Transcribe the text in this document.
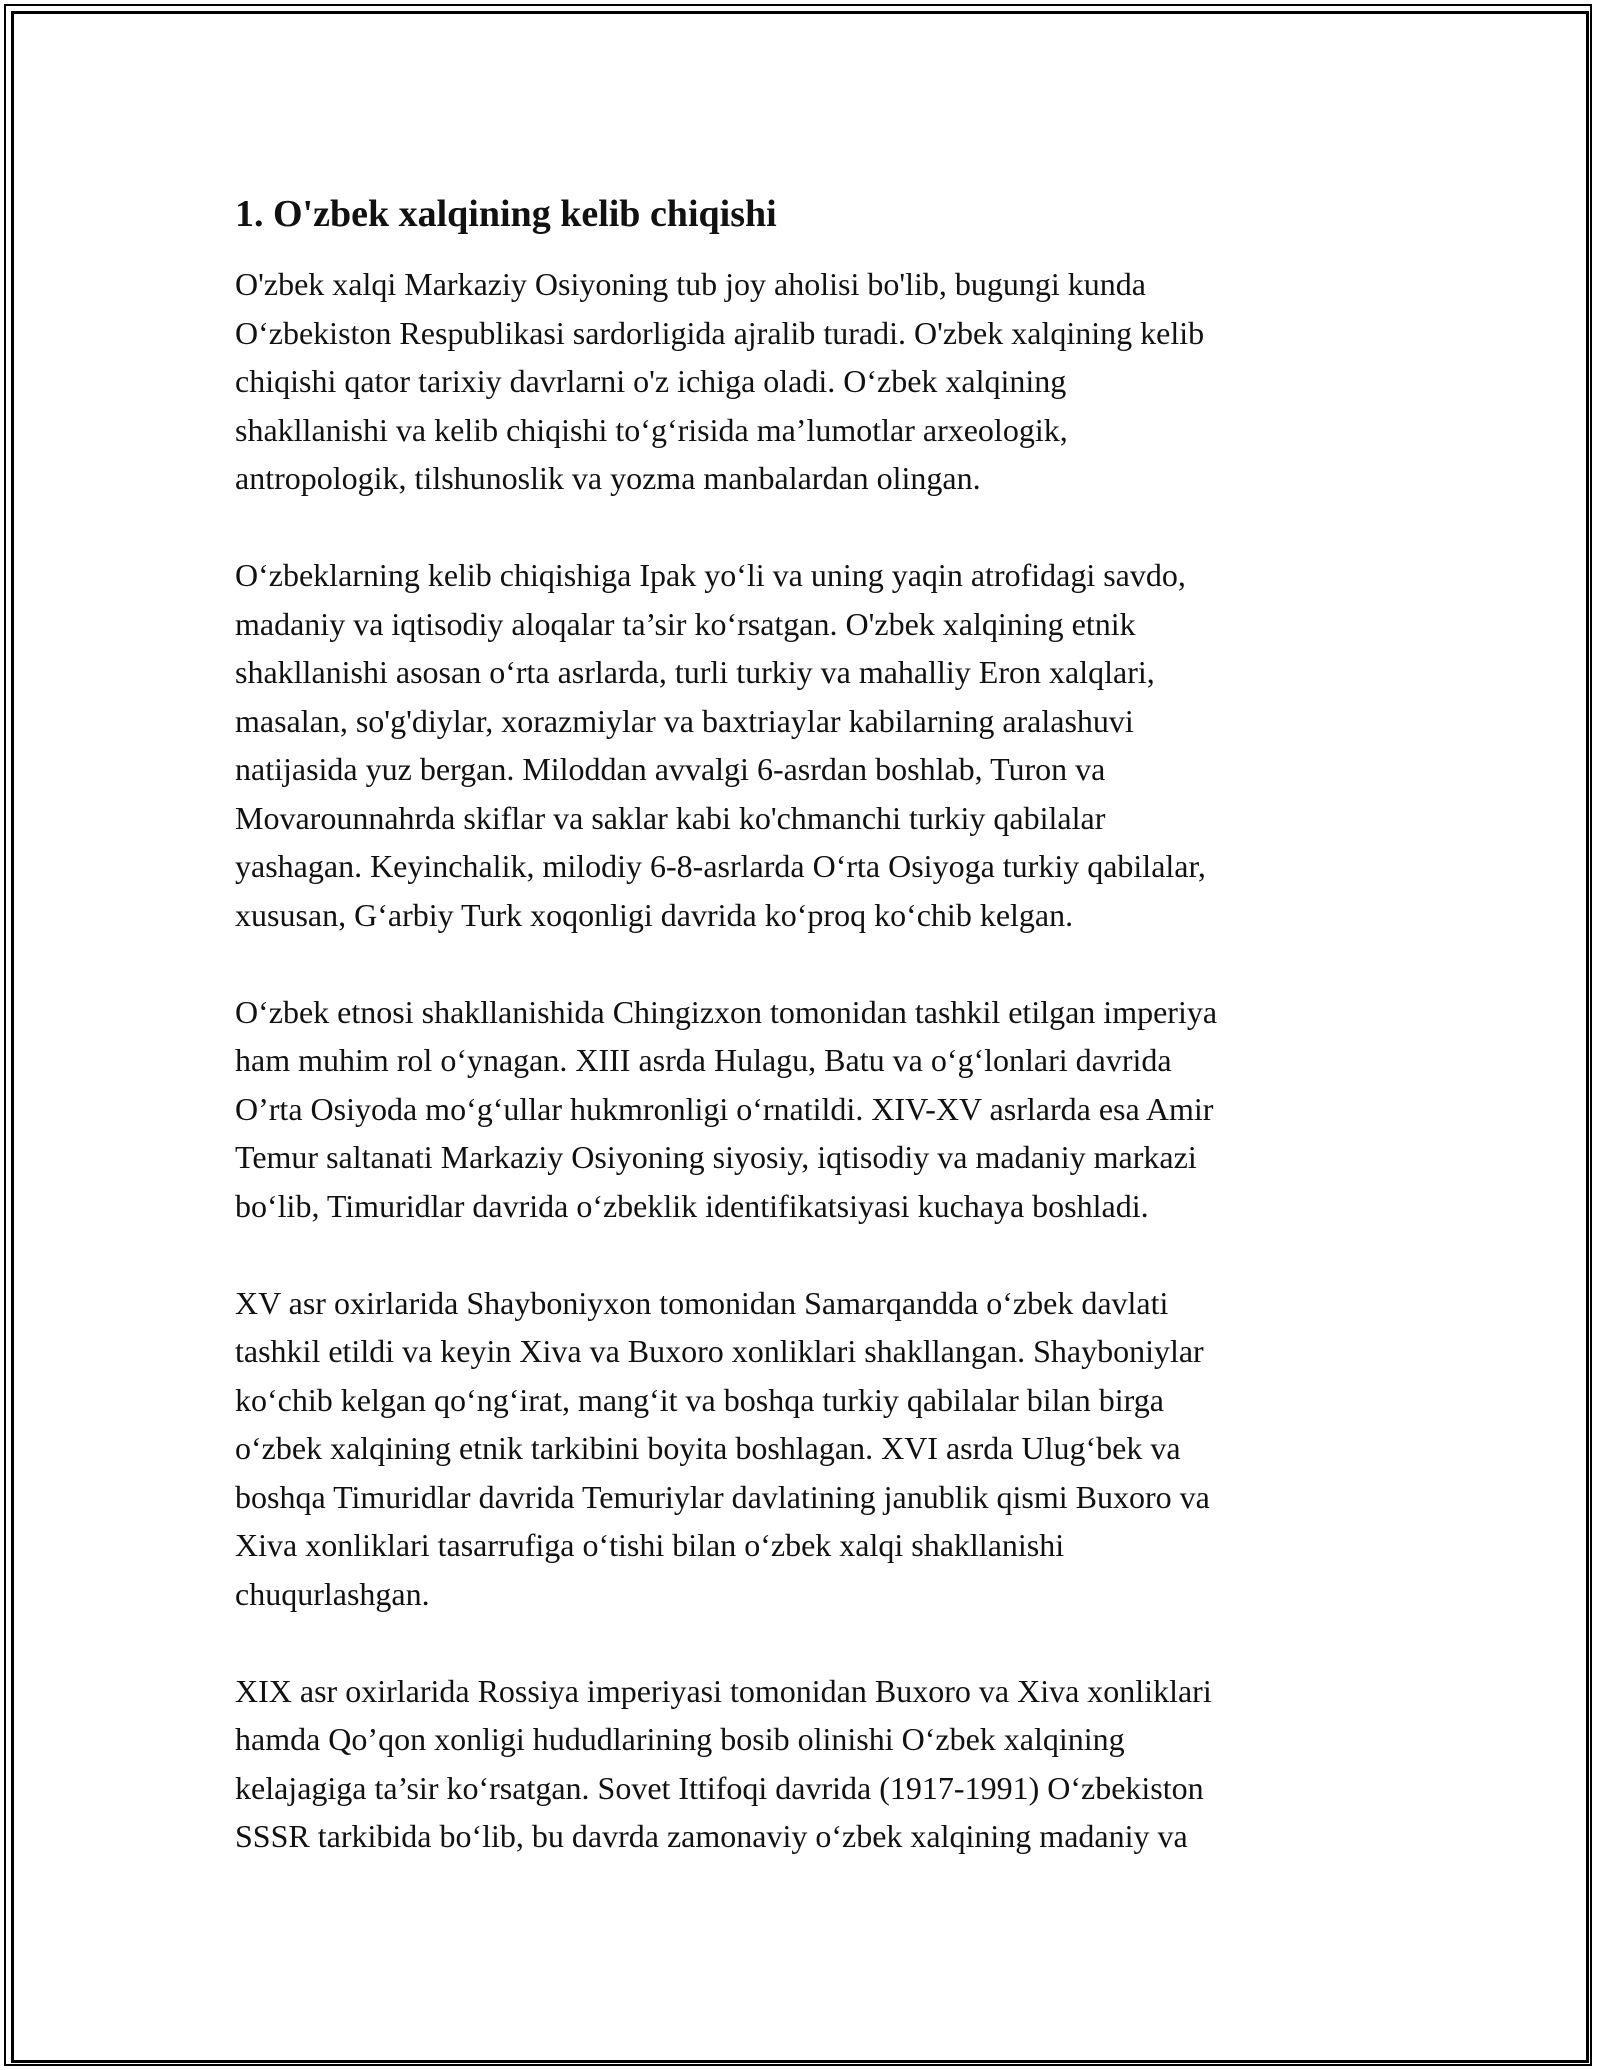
1. O'zbek xalqining kelib chiqishi

O'zbek xalqi Markaziy Osiyoning tub joy aholisi bo'lib, bugungi kunda
O‘zbekiston Respublikasi sardorligida ajralib turadi. O'zbek xalqining kelib
chiqishi qator tarixiy davrlarni o'z ichiga oladi. O‘zbek xalqining
shakllanishi va kelib chiqishi to‘g‘risida ma’lumotlar arxeologik,
antropologik, tilshunoslik va yozma manbalardan olingan.

O‘zbeklarning kelib chiqishiga Ipak yo‘li va uning yaqin atrofidagi savdo,
madaniy va iqtisodiy aloqalar ta’sir ko‘rsatgan. O'zbek xalqining etnik
shakllanishi asosan o‘rta asrlarda, turli turkiy va mahalliy Eron xalqlari,
masalan, so'g'diylar, xorazmiylar va baxtriaylar kabilarning aralashuvi
natijasida yuz bergan. Miloddan avvalgi 6-asrdan boshlab, Turon va
Movarounnahrda skiflar va saklar kabi ko'chmanchi turkiy qabilalar
yashagan. Keyinchalik, milodiy 6-8-asrlarda O‘rta Osiyoga turkiy qabilalar,
xususan, G‘arbiy Turk xoqonligi davrida ko‘proq ko‘chib kelgan.

O‘zbek etnosi shakllanishida Chingizxon tomonidan tashkil etilgan imperiya
ham muhim rol o‘ynagan. XIII asrda Hulagu, Batu va o‘g‘lonlari davrida
O’rta Osiyoda mo‘g‘ullar hukmronligi o‘rnatildi. XIV-XV asrlarda esa Amir
Temur saltanati Markaziy Osiyoning siyosiy, iqtisodiy va madaniy markazi
bo‘lib, Timuridlar davrida o‘zbeklik identifikatsiyasi kuchaya boshladi.

XV asr oxirlarida Shayboniyxon tomonidan Samarqandda o‘zbek davlati
tashkil etildi va keyin Xiva va Buxoro xonliklari shakllangan. Shayboniylar
ko‘chib kelgan qo‘ng‘irat, mang‘it va boshqa turkiy qabilalar bilan birga
o‘zbek xalqining etnik tarkibini boyita boshlagan. XVI asrda Ulug‘bek va
boshqa Timuridlar davrida Temuriylar davlatining janublik qismi Buxoro va
Xiva xonliklari tasarrufiga o‘tishi bilan o‘zbek xalqi shakllanishi
chuqurlashgan.

XIX asr oxirlarida Rossiya imperiyasi tomonidan Buxoro va Xiva xonliklari
hamda Qo’qon xonligi hududlarining bosib olinishi O‘zbek xalqining
kelajagiga ta’sir ko‘rsatgan. Sovet Ittifoqi davrida (1917-1991) O‘zbekiston
SSSR tarkibida bo‘lib, bu davrda zamonaviy o‘zbek xalqining madaniy va
